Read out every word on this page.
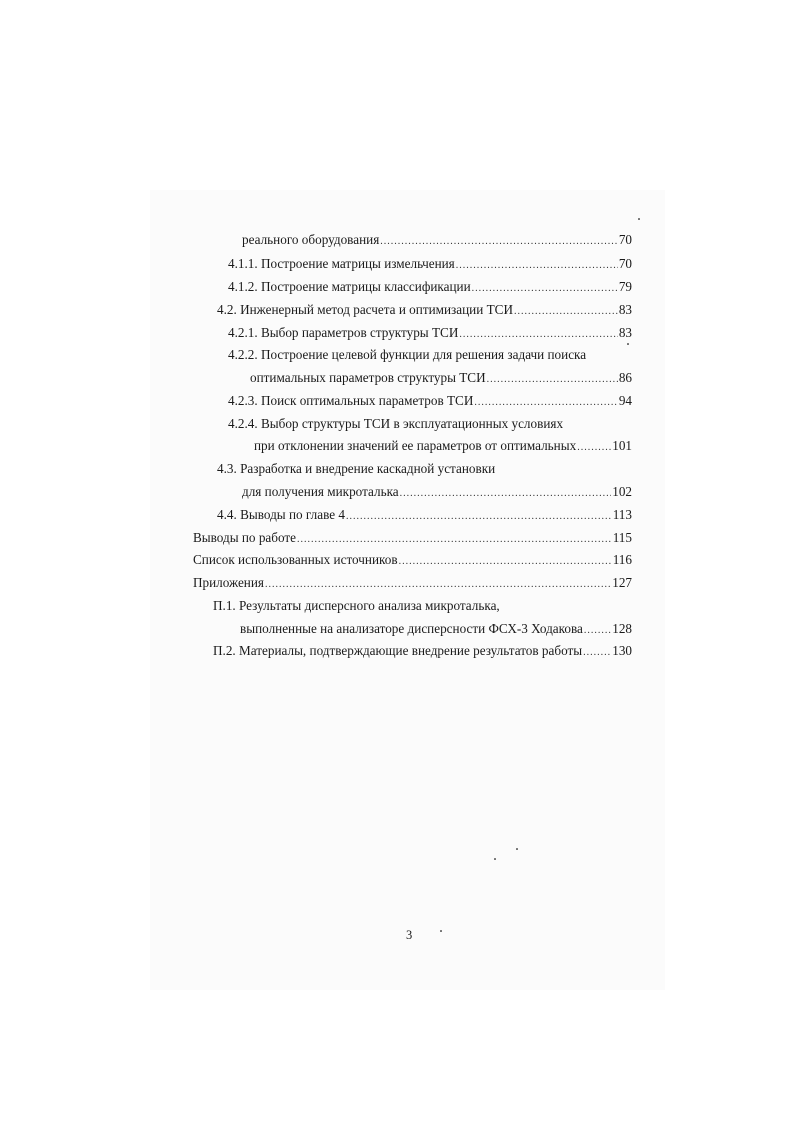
реального оборудования .....	70
4.1.1. Построение матрицы измельчения .....	70
4.1.2. Построение матрицы классификации .....	79
4.2. Инженерный метод расчета и оптимизации ТСИ .....	83
4.2.1. Выбор параметров структуры ТСИ .....	83
4.2.2. Построение целевой функции для решения задачи поиска
оптимальных параметров структуры ТСИ .....	86
4.2.3. Поиск оптимальных параметров ТСИ .....	94
4.2.4. Выбор структуры ТСИ в эксплуатационных условиях
при отклонении значений ее параметров от оптимальных .....	101
4.3. Разработка и внедрение каскадной установки
для получения микроталька .....	102
4.4. Выводы по главе 4 .....	113
Выводы по работе .....	115
Список использованных источников .....	116
Приложения .....	127
П.1. Результаты дисперсного анализа микроталька,
выполненные на анализаторе дисперсности ФСХ-3 Ходакова ..... 128
П.2. Материалы, подтверждающие внедрение результатов работы ..... 130
3
